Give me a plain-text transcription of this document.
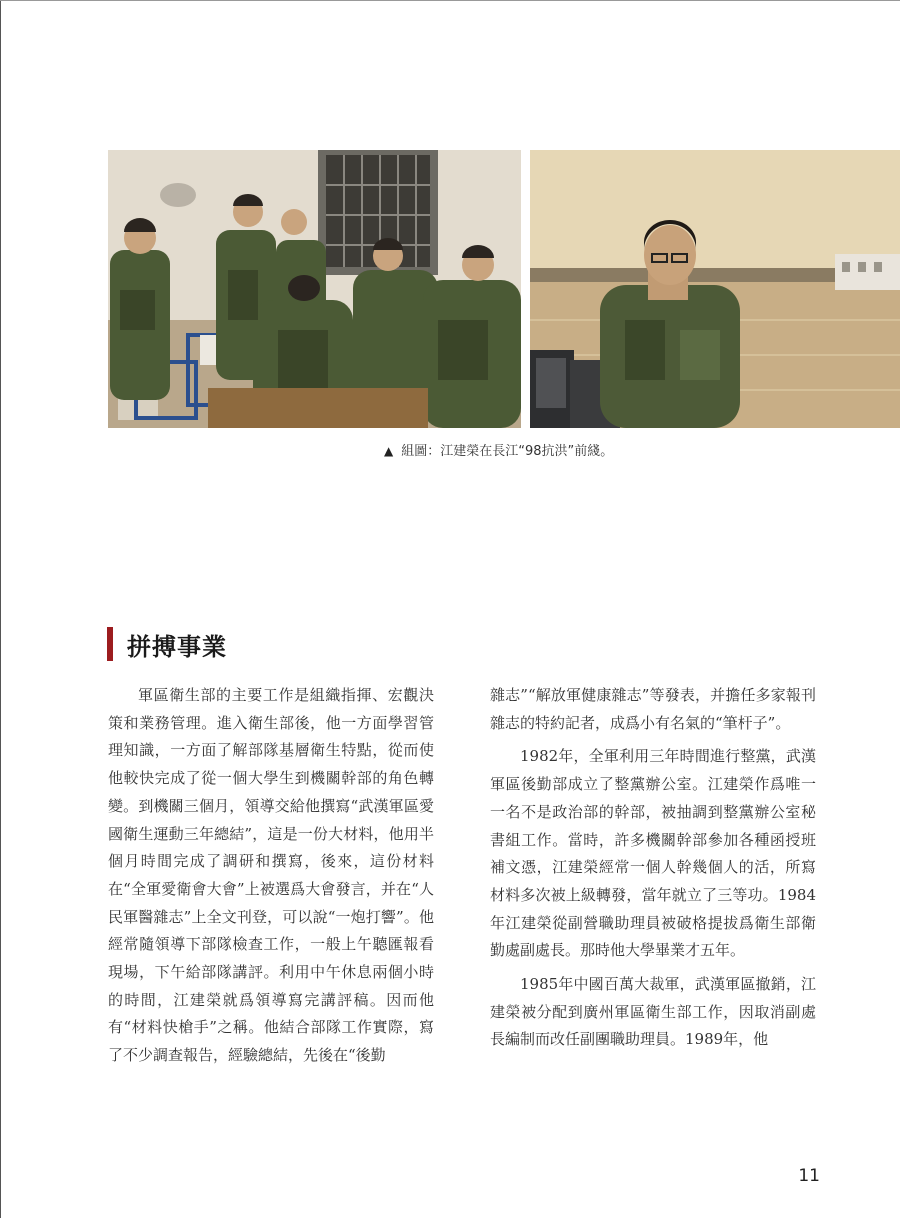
▲ 組圖：江建榮在長江“98抗洪”前綫。
拼搏事業

軍區衛生部的主要工作是組織指揮、宏觀決策和業務管理。進入衛生部後，他一方面學習管理知識，一方面了解部隊基層衛生特點，從而使他較快完成了從一個大學生到機關幹部的角色轉變。到機關三個月，領導交給他撰寫“武漢軍區愛國衛生運動三年總結”，這是一份大材料，他用半個月時間完成了調研和撰寫，後來，這份材料在“全軍愛衛會大會”上被選爲大會發言，并在“人民軍醫雜志”上全文刊登，可以說“一炮打響”。他經常隨領導下部隊檢查工作，一般上午聽匯報看現場，下午給部隊講評。利用中午休息兩個小時的時間，江建榮就爲領導寫完講評稿。因而他有“材料快槍手”之稱。他結合部隊工作實際，寫了不少調查報告，經驗總結，先後在“後勤

雜志”“解放軍健康雜志”等發表，并擔任多家報刊雜志的特約記者，成爲小有名氣的“筆杆子”。

1982年，全軍利用三年時間進行整黨，武漢軍區後勤部成立了整黨辦公室。江建榮作爲唯一一名不是政治部的幹部，被抽調到整黨辦公室秘書組工作。當時，許多機關幹部參加各種函授班補文憑，江建榮經常一個人幹幾個人的活，所寫材料多次被上級轉發，當年就立了三等功。1984年江建榮從副營職助理員被破格提拔爲衛生部衛勤處副處長。那時他大學畢業才五年。

1985年中國百萬大裁軍，武漢軍區撤銷，江建榮被分配到廣州軍區衛生部工作，因取消副處長編制而改任副團職助理員。1989年，他

11
